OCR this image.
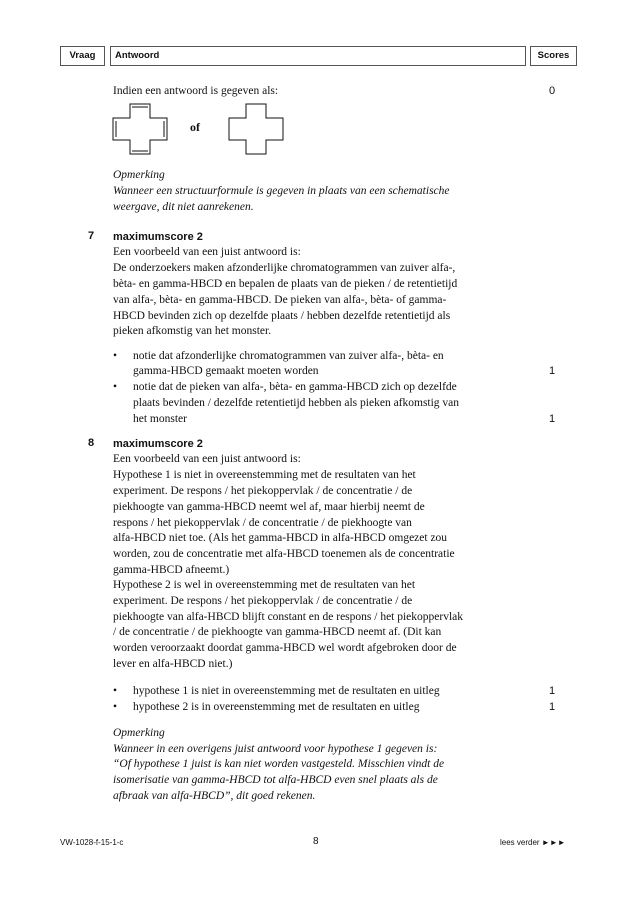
Vraag	Antwoord	Scores
Indien een antwoord is gegeven als:	0
of
Opmerking
Wanneer een structuurformule is gegeven in plaats van een schematische
weergave, dit niet aanrekenen.
7 maximumscore 2
Een voorbeeld van een juist antwoord is:
De onderzoekers maken afzonderlijke chromatogrammen van zuiver alfa-,
bèta- en gamma-HBCD en bepalen de plaats van de pieken / de retentietijd
van alfa-, bèta- en gamma-HBCD. De pieken van alfa-, bèta- of gamma-
HBCD bevinden zich op dezelfde plaats / hebben dezelfde retentietijd als
pieken afkomstig van het monster.
• notie dat afzonderlijke chromatogrammen van zuiver alfa-, bèta- en
gamma-HBCD gemaakt moeten worden	1
• notie dat de pieken van alfa-, bèta- en gamma-HBCD zich op dezelfde
plaats bevinden / dezelfde retentietijd hebben als pieken afkomstig van
het monster	1
8 maximumscore 2
Een voorbeeld van een juist antwoord is:
Hypothese 1 is niet in overeenstemming met de resultaten van het
experiment. De respons / het piekoppervlak / de concentratie / de
piekhoogte van gamma-HBCD neemt wel af, maar hierbij neemt de
respons / het piekoppervlak / de concentratie / de piekhoogte van
alfa-HBCD niet toe. (Als het gamma-HBCD in alfa-HBCD omgezet zou
worden, zou de concentratie met alfa-HBCD toenemen als de concentratie
gamma-HBCD afneemt.)
Hypothese 2 is wel in overeenstemming met de resultaten van het
experiment. De respons / het piekoppervlak / de concentratie / de
piekhoogte van alfa-HBCD blijft constant en de respons / het piekoppervlak
/ de concentratie / de piekhoogte van gamma-HBCD neemt af. (Dit kan
worden veroorzaakt doordat gamma-HBCD wel wordt afgebroken door de
lever en alfa-HBCD niet.)
• hypothese 1 is niet in overeenstemming met de resultaten en uitleg	1
• hypothese 2 is in overeenstemming met de resultaten en uitleg	1
Opmerking
Wanneer in een overigens juist antwoord voor hypothese 1 gegeven is:
“Of hypothese 1 juist is kan niet worden vastgesteld. Misschien vindt de
isomerisatie van gamma-HBCD tot alfa-HBCD even snel plaats als de
afbraak van alfa-HBCD”, dit goed rekenen.
VW-1028-f-15-1-c	8	lees verder ►►►
